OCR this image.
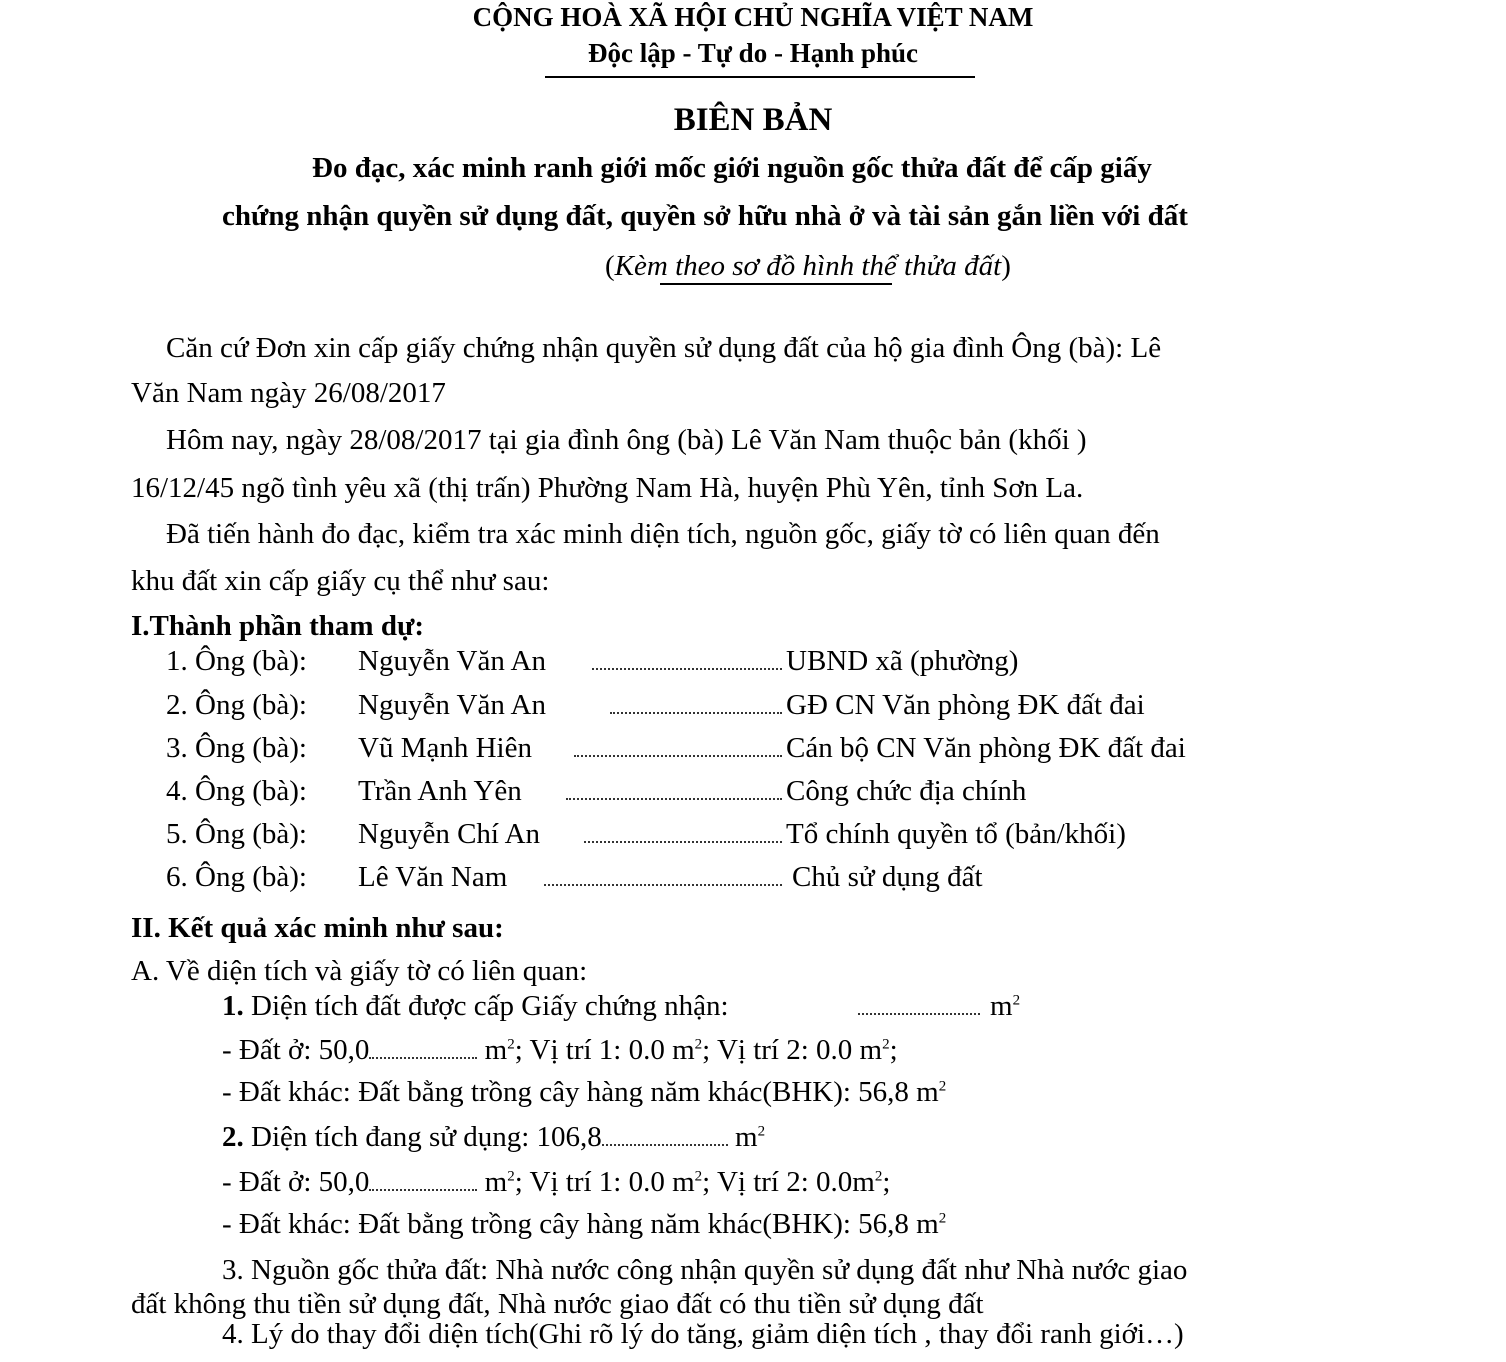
CỘNG HOÀ XÃ HỘI CHỦ NGHĨA VIỆT NAM
Độc lập - Tự do - Hạnh phúc
BIÊN BẢN
Đo đạc, xác minh ranh giới mốc giới nguồn gốc thửa đất để cấp giấy
chứng nhận quyền sử dụng đất, quyền sở hữu nhà ở và tài sản gắn liền với đất
(Kèm theo sơ đồ hình thể thửa đất)
Căn cứ Đơn xin cấp giấy chứng nhận quyền sử dụng đất của hộ gia đình Ông (bà): Lê
Văn Nam ngày 26/08/2017
Hôm nay, ngày 28/08/2017 tại gia đình ông (bà) Lê Văn Nam thuộc bản (khối )
16/12/45 ngõ tình yêu xã (thị trấn) Phường Nam Hà, huyện Phù Yên, tỉnh Sơn La.
Đã tiến hành đo đạc, kiểm tra xác minh diện tích, nguồn gốc, giấy tờ có liên quan đến
khu đất xin cấp giấy cụ thể như sau:
I.Thành phần tham dự:
1. Ông (bà): Nguyễn Văn An	UBND xã (phường)
2. Ông (bà): Nguyễn Văn An	GĐ CN Văn phòng ĐK đất đai
3. Ông (bà): Vũ Mạnh Hiên	Cán bộ CN Văn phòng ĐK đất đai
4. Ông (bà): Trần Anh Yên	Công chức địa chính
5. Ông (bà): Nguyễn Chí An	Tổ chính quyền tổ (bản/khối)
6. Ông (bà): Lê Văn Nam	Chủ sử dụng đất
II. Kết quả xác minh như sau:
A. Về diện tích và giấy tờ có liên quan:
1. Diện tích đất được cấp Giấy chứng nhận:	$m^2$
- Đất ở: 50,0	$m^2$; Vị trí 1: 0.0 $m^2$; Vị trí 2: 0.0 $m^2$;
- Đất khác: Đất bằng trồng cây hàng năm khác(BHK): 56,8 $m^2$
2. Diện tích đang sử dụng: 106,8	$m^2$
- Đất ở: 50,0	$m^2$; Vị trí 1: 0.0 $m^2$; Vị trí 2: $0.0m^2$;
- Đất khác: Đất bằng trồng cây hàng năm khác(BHK): 56,8 $m^2$
3. Nguồn gốc thửa đất: Nhà nước công nhận quyền sử dụng đất như Nhà nước giao
đất không thu tiền sử dụng đất, Nhà nước giao đất có thu tiền sử dụng đất
4. Lý do thay đổi diện tích(Ghi rõ lý do tăng, giảm diện tích , thay đổi ranh giới…)
